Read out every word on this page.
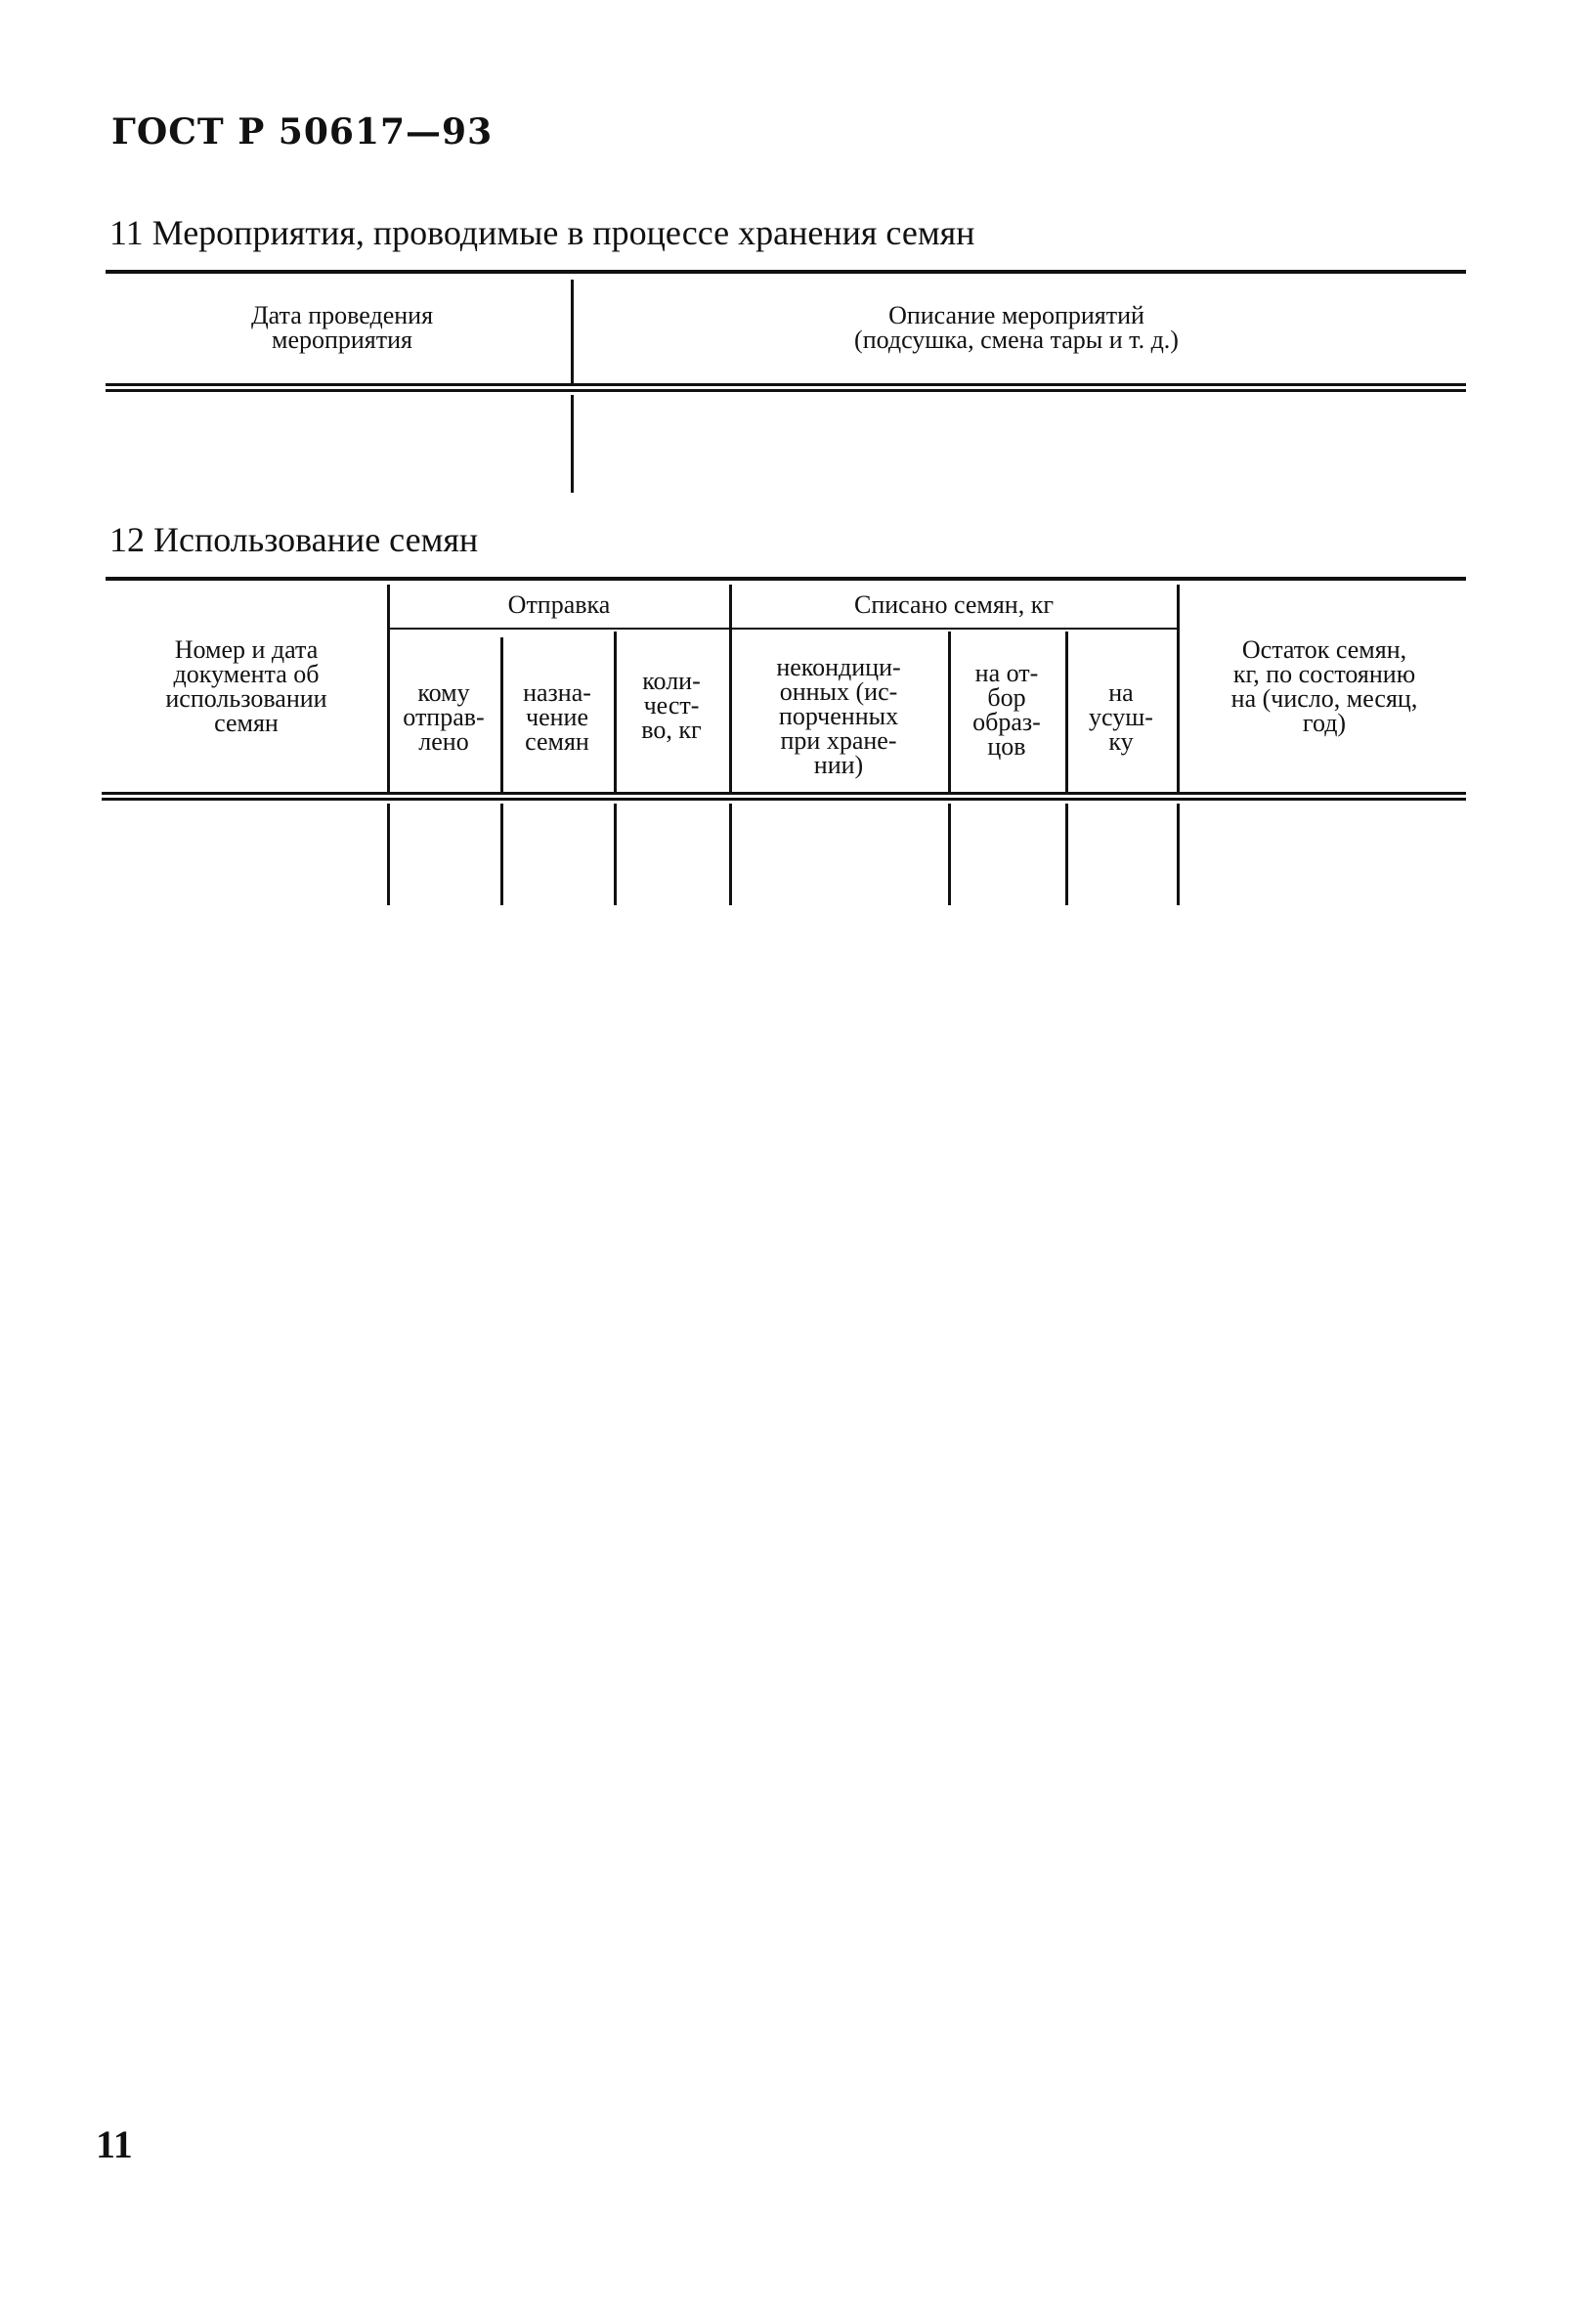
ГОСТ Р 50617—93
11 Мероприятия, проводимые в процессе хранения семян
Дата проведения
мероприятия
Описание мероприятий
(подсушка, смена тары и т. д.)
12 Использование семян
Номер и дата
документа об
использовании
семян
Отправка
кому
отправ-
лено
назна-
чение
семян
коли-
чест-
во, кг
Списано семян, кг
некондици-
онных (ис-
порченных
при хране-
нии)
на от-
бор
образ-
цов
на
усуш-
ку
Остаток семян,
кг, по состоянию
на (число, месяц,
год)
11
